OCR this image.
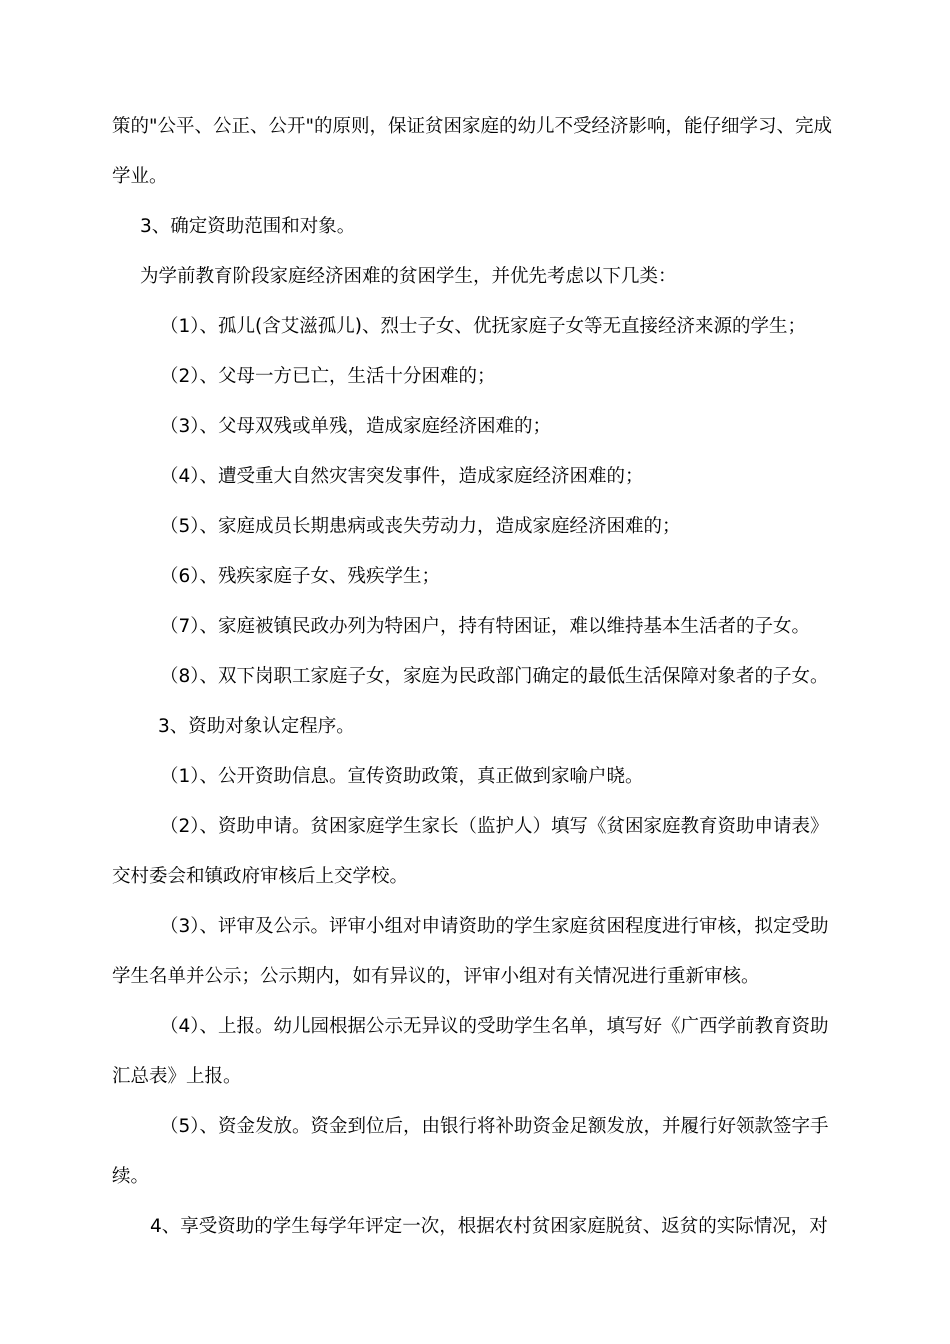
策的"公平、公正、公开"的原则，保证贫困家庭的幼儿不受经济影响，能仔细学习、完成
学业。
3、确定资助范围和对象。
为学前教育阶段家庭经济困难的贫困学生，并优先考虑以下几类：
（1）、孤儿(含艾滋孤儿)、烈士子女、优抚家庭子女等无直接经济来源的学生；
（2）、父母一方已亡，生活十分困难的；
（3）、父母双残或单残，造成家庭经济困难的；
（4）、遭受重大自然灾害突发事件，造成家庭经济困难的；
（5）、家庭成员长期患病或丧失劳动力，造成家庭经济困难的；
（6）、残疾家庭子女、残疾学生；
（7）、家庭被镇民政办列为特困户，持有特困证，难以维持基本生活者的子女。
（8）、双下岗职工家庭子女，家庭为民政部门确定的最低生活保障对象者的子女。
3、资助对象认定程序。
（1）、公开资助信息。宣传资助政策，真正做到家喻户晓。
（2）、资助申请。贫困家庭学生家长（监护人）填写《贫困家庭教育资助申请表》
交村委会和镇政府审核后上交学校。
（3）、评审及公示。评审小组对申请资助的学生家庭贫困程度进行审核，拟定受助
学生名单并公示；公示期内，如有异议的，评审小组对有关情况进行重新审核。
（4）、上报。幼儿园根据公示无异议的受助学生名单，填写好《广西学前教育资助
汇总表》上报。
（5）、资金发放。资金到位后，由银行将补助资金足额发放，并履行好领款签字手
续。
4、享受资助的学生每学年评定一次，根据农村贫困家庭脱贫、返贫的实际情况，对
